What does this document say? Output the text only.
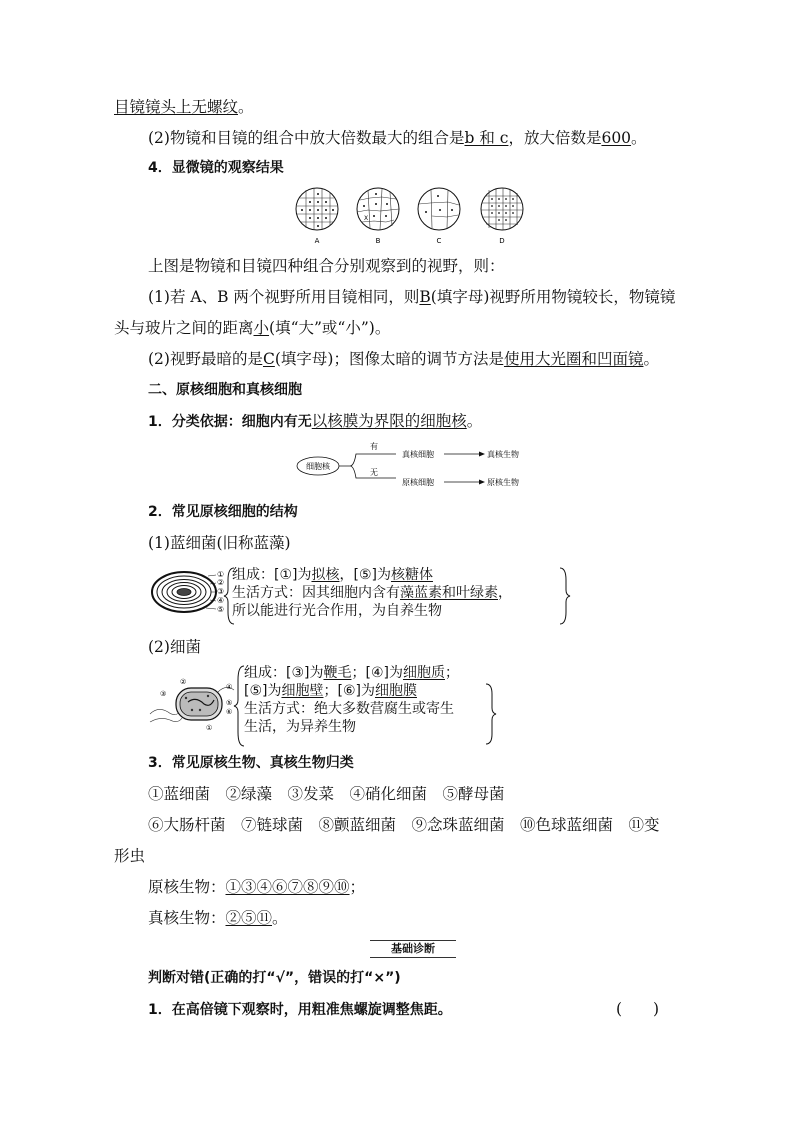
目镜镜头上无螺纹。
(2)物镜和目镜的组合中放大倍数最大的组合是b 和 c，放大倍数是600。
4．显微镜的观察结果
A
X
B	C	D
上图是物镜和目镜四种组合分别观察到的视野，则：
(1)若 A、B 两个视野所用目镜相同，则B(填字母)视野所用物镜较长，物镜镜
头与玻片之间的距离小(填“大”或“小”)。
(2)视野最暗的是C(填字母)；图像太暗的调节方法是使用大光圈和凹面镜。
二、原核细胞和真核细胞
1．分类依据：细胞内有无以核膜为界限的细胞核。
细胞核
有
无
真核细胞
原核细胞
真核生物
原核生物
2．常见原核细胞的结构
(1)蓝细菌(旧称蓝藻)
①
②
③
④
⑤
组成：[①]为拟核，[⑤]为核糖体
生活方式：因其细胞内含有藻蓝素和叶绿素，
所以能进行光合作用，为自养生物
(2)细菌
②
③
④
⑤
⑥
①
组成：[③]为鞭毛；[④]为细胞质；
[⑤]为细胞壁；[⑥]为细胞膜
生活方式：绝大多数营腐生或寄生
生活，为异养生物
3．常见原核生物、真核生物归类
①蓝细菌　②绿藻　③发菜　④硝化细菌　⑤酵母菌
⑥大肠杆菌　⑦链球菌　⑧颤蓝细菌　⑨念珠蓝细菌　⑩色球蓝细菌　⑪变
形虫
原核生物：①③④⑥⑦⑧⑨⑩；
真核生物：②⑤⑪。
基础诊断
判断对错(正确的打“√”，错误的打“×”)
1．在高倍镜下观察时，用粗准焦螺旋调整焦距。	(　　)
